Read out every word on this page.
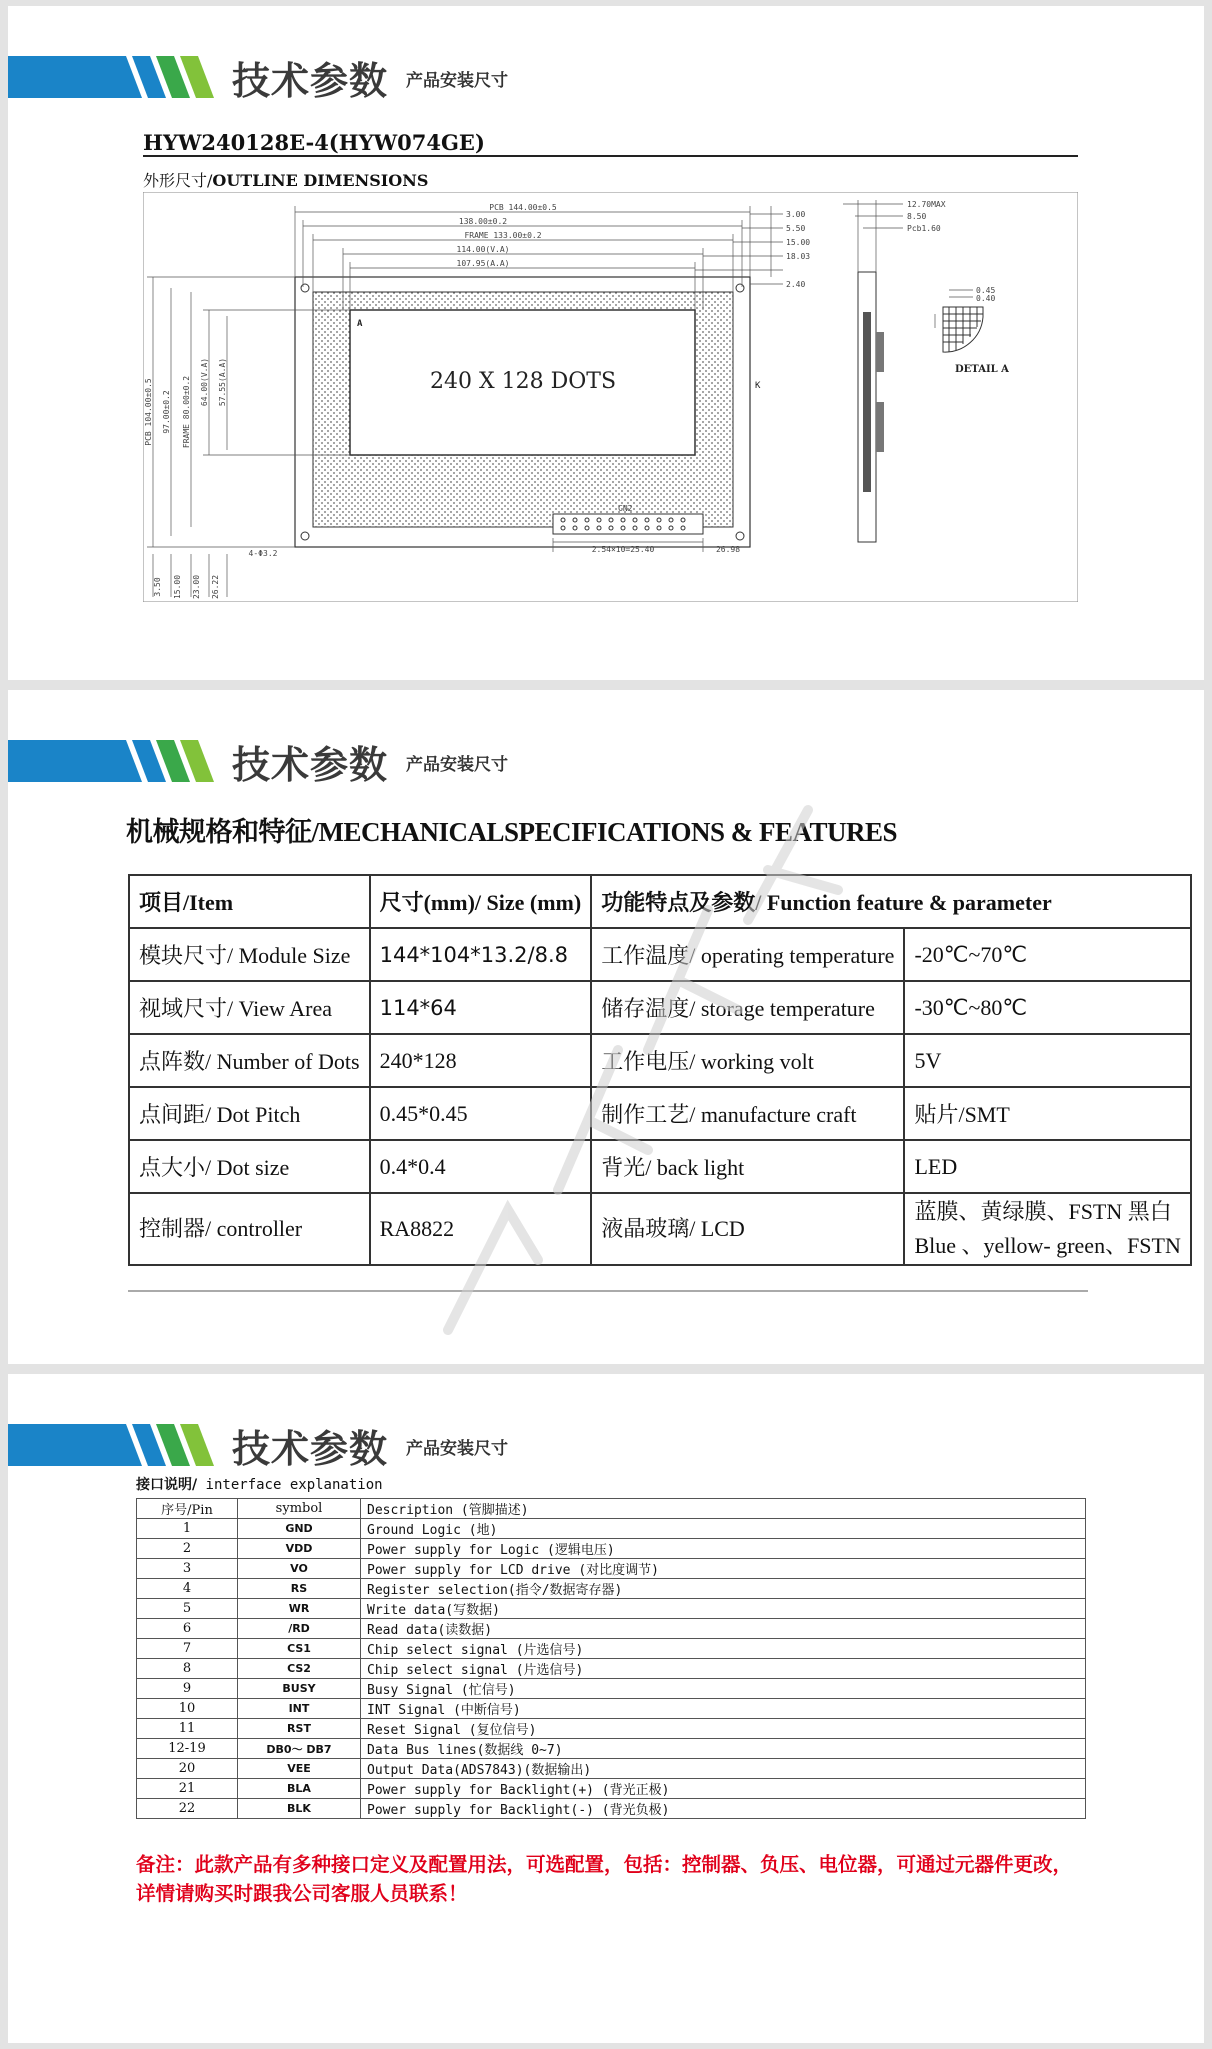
技术参数 产品安装尺寸
HYW240128E-4(HYW074GE)
外形尺寸/OUTLINE DIMENSIONS
240 X 128 DOTS
A
K
CN2
PCB 144.00±0.5
138.00±0.2
FRAME 133.00±0.2
114.00(V.A)
107.95(A.A)
3.00
5.50
15.00
18.03
2.40
PCB 104.00±0.5 97.00±0.2 FRAME 80.00±0.2 64.00(V.A) 57.55(A.A)
3.50 15.00 23.00 26.22
4-Φ3.2	2.54×10=25.40	26.98
12.70MAX
8.50
Pcb1.60
0.45
0.40
DETAIL A
技术参数 产品安装尺寸
机械规格和特征/MECHANICALSPECIFICATIONS & FEATURES
项目/Item	尺寸(mm)/ Size (mm)	功能特点及参数/ Function feature & parameter	
模块尺寸/ Module Size	144*104*13.2/8.8	工作温度/ operating temperature	-20℃~70℃
视域尺寸/ View Area	114*64	储存温度/ storage temperature	-30℃~80℃
点阵数/ Number of Dots	240*128	工作电压/ working volt	5V
点间距/ Dot Pitch	0.45*0.45	制作工艺/ manufacture craft	贴片/SMT
点大小/ Dot size	0.4*0.4	背光/ back light	LED
控制器/ controller	RA8822	液晶玻璃/ LCD	蓝膜、黄绿膜、FSTN 黑白
Blue 、yellow- green、FSTN
技术参数 产品安装尺寸
接口说明/ interface explanation
序号/Pin	symbol	Description (管脚描述)
1	GND	Ground Logic (地)
2	VDD	Power supply for Logic (逻辑电压)
3	VO	Power supply for LCD drive (对比度调节)
4	RS	Register selection(指令/数据寄存器)
5	WR	Write data(写数据)
6	/RD	Read data(读数据)
7	CS1	Chip select signal (片选信号)
8	CS2	Chip select signal (片选信号)
9	BUSY	Busy Signal (忙信号)
10	INT	INT Signal (中断信号)
11	RST	Reset Signal (复位信号)
12-19	DB0～ DB7	Data Bus lines(数据线 0~7)
20	VEE	Output Data(ADS7843)(数据输出)
21	BLA	Power supply for Backlight(+) (背光正极)
22	BLK	Power supply for Backlight(-) (背光负极)
备注：此款产品有多种接口定义及配置用法，可选配置，包括：控制器、负压、电位器，可通过元器件更改，详情请购买时跟我公司客服人员联系！
